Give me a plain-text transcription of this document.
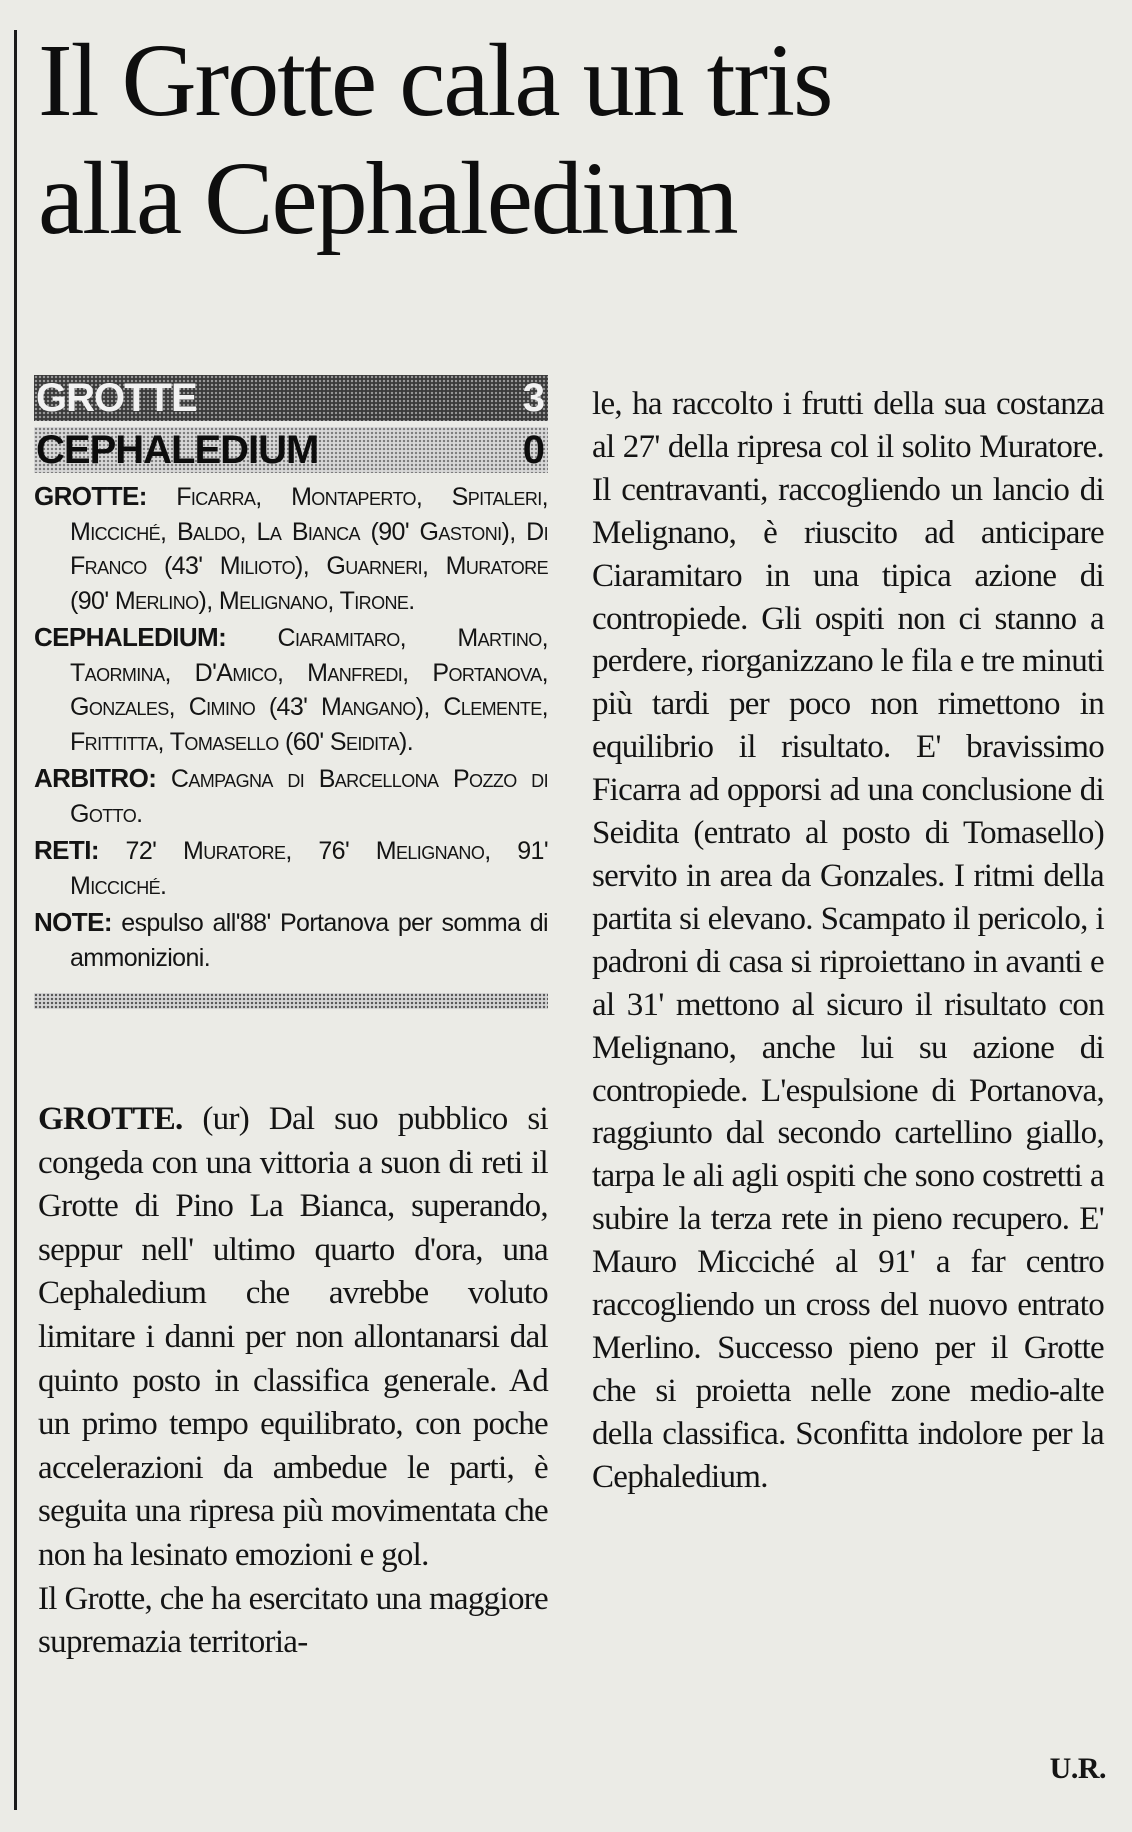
Il Grotte cala un tris
alla Cephaledium
GROTTE	3
CEPHALEDIUM	0

GROTTE: Ficarra, Montaperto, Spitaleri, Micciché, Baldo, La Bianca (90' Gastoni), Di Franco (43' Milioto), Guarneri, Muratore (90' Merlino), Melignano, Tirone.

CEPHALEDIUM: Ciaramitaro, Martino, Taormina, D'Amico, Manfredi, Portanova, Gonzales, Cimino (43' Mangano), Clemente, Frittitta, Tomasello (60' Seidita).

ARBITRO: Campagna di Barcellona Pozzo di Gotto.

RETI: 72' Muratore, 76' Melignano, 91' Micciché.

NOTE: espulso all'88' Portanova per somma di ammonizioni.

GROTTE. (ur) Dal suo pubblico si congeda con una vittoria a suon di reti il Grotte di Pino La Bianca, superando, seppur nell' ultimo quarto d'ora, una Cephaledium che avrebbe voluto limitare i danni per non allontanarsi dal quinto posto in classifica generale. Ad un primo tempo equilibrato, con poche accelerazioni da ambedue le parti, è seguita una ripresa più movimentata che non ha lesinato emozioni e gol.

Il Grotte, che ha esercitato una maggiore supremazia territoria-

le, ha raccolto i frutti della sua costanza al 27' della ripresa col il solito Muratore. Il centravanti, raccogliendo un lancio di Melignano, è riuscito ad anticipare Ciaramitaro in una tipica azione di contropiede. Gli ospiti non ci stanno a perdere, riorganizzano le fila e tre minuti più tardi per poco non rimettono in equilibrio il risultato. E' bravissimo Ficarra ad opporsi ad una conclusione di Seidita (entrato al posto di Tomasello) servito in area da Gonzales. I ritmi della partita si elevano. Scampato il pericolo, i padroni di casa si riproiettano in avanti e al 31' mettono al sicuro il risultato con Melignano, anche lui su azione di contropiede. L'espulsione di Portanova, raggiunto dal secondo cartellino giallo, tarpa le ali agli ospiti che sono costretti a subire la terza rete in pieno recupero. E' Mauro Micciché al 91' a far centro raccogliendo un cross del nuovo entrato Merlino. Successo pieno per il Grotte che si proietta nelle zone medio-alte della classifica. Sconfitta indolore per la Cephaledium.

U.R.
